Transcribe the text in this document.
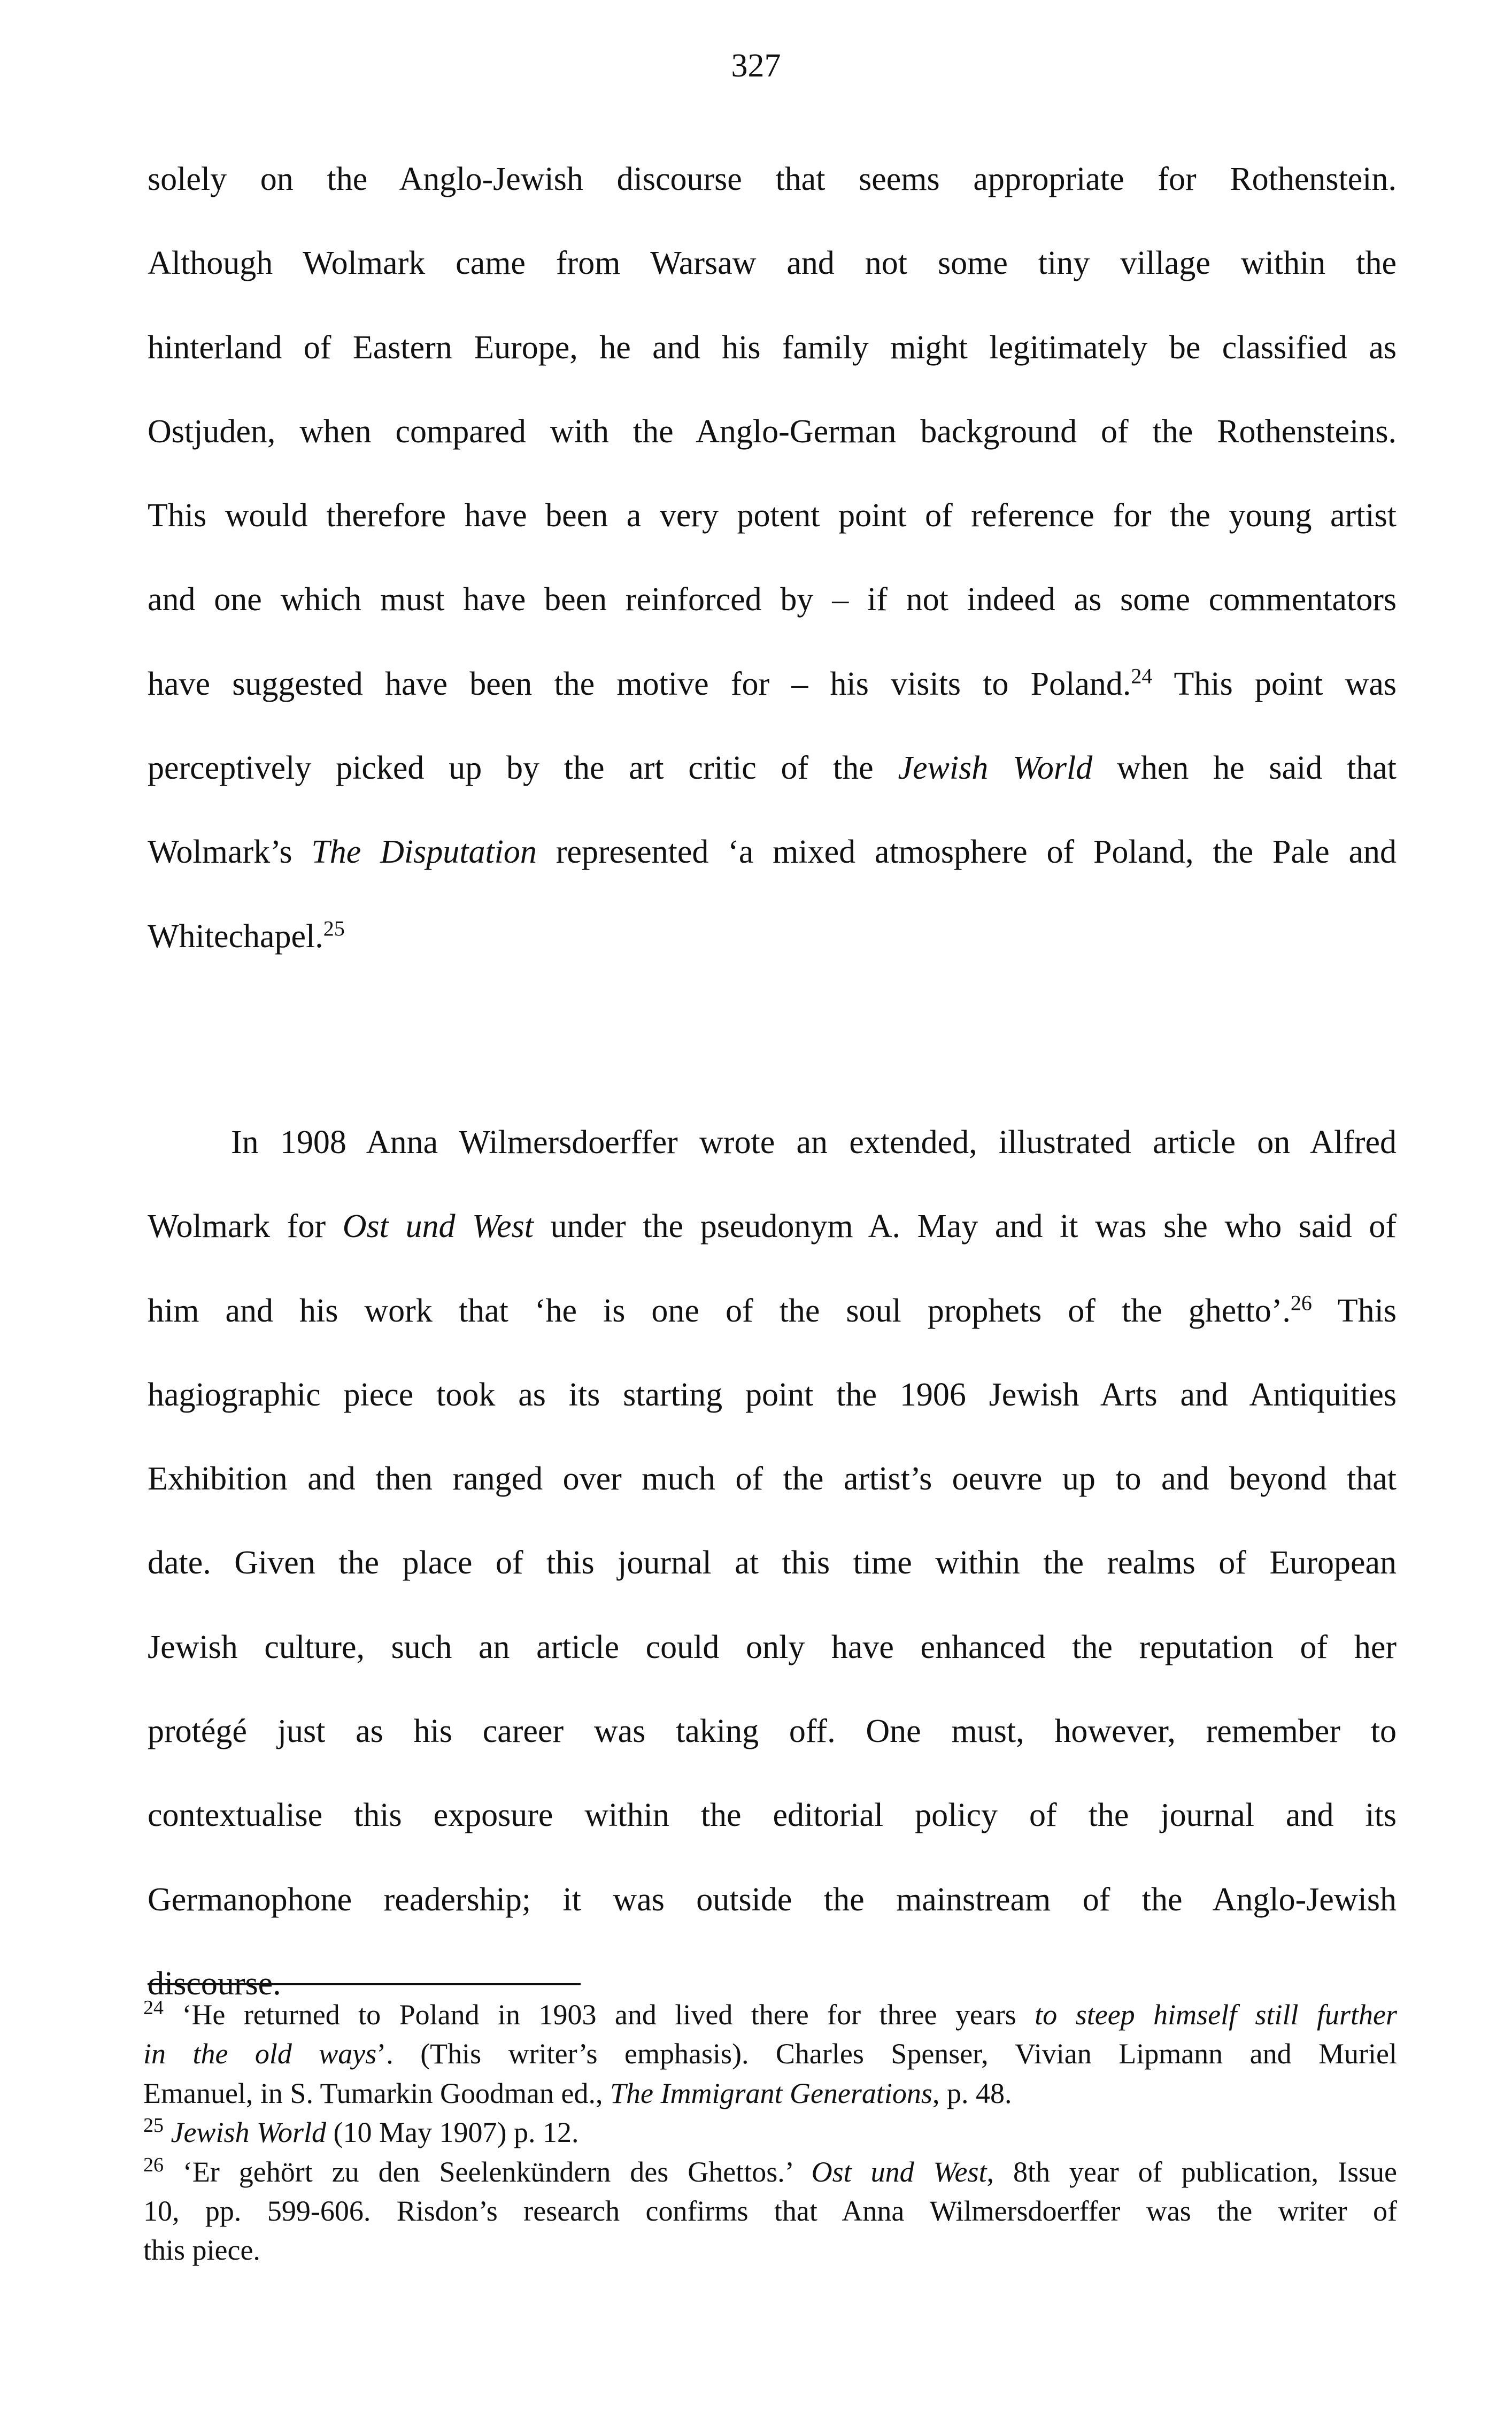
327
solely on the Anglo-Jewish discourse that seems appropriate for Rothenstein.
Although Wolmark came from Warsaw and not some tiny village within the
hinterland of Eastern Europe, he and his family might legitimately be classified as
Ostjuden, when compared with the Anglo-German background of the Rothensteins.
This would therefore have been a very potent point of reference for the young artist
and one which must have been reinforced by – if not indeed as some commentators
have suggested have been the motive for – his visits to Poland.$^{24}$ This point was
perceptively picked up by the art critic of the Jewish World when he said that
Wolmark’s The Disputation represented ‘a mixed atmosphere of Poland, the Pale and
Whitechapel.$^{25}$
In 1908 Anna Wilmersdoerffer wrote an extended, illustrated article on Alfred
Wolmark for Ost und West under the pseudonym A. May and it was she who said of
him and his work that ‘he is one of the soul prophets of the ghetto’.$^{26}$ This
hagiographic piece took as its starting point the 1906 Jewish Arts and Antiquities
Exhibition and then ranged over much of the artist’s oeuvre up to and beyond that
date. Given the place of this journal at this time within the realms of European
Jewish culture, such an article could only have enhanced the reputation of her
protégé just as his career was taking off. One must, however, remember to
contextualise this exposure within the editorial policy of the journal and its
Germanophone readership; it was outside the mainstream of the Anglo-Jewish
discourse.
$^{24}$ ‘He returned to Poland in 1903 and lived there for three years to steep himself still further
in the old ways’. (This writer’s emphasis). Charles Spenser, Vivian Lipmann and Muriel
Emanuel, in S. Tumarkin Goodman ed., The Immigrant Generations, p. 48.
$^{25}$ Jewish World (10 May 1907) p. 12.
$^{26}$ ‘Er gehört zu den Seelenkündern des Ghettos.’ Ost und West, 8th year of publication, Issue
10, pp. 599-606. Risdon’s research confirms that Anna Wilmersdoerffer was the writer of
this piece.
